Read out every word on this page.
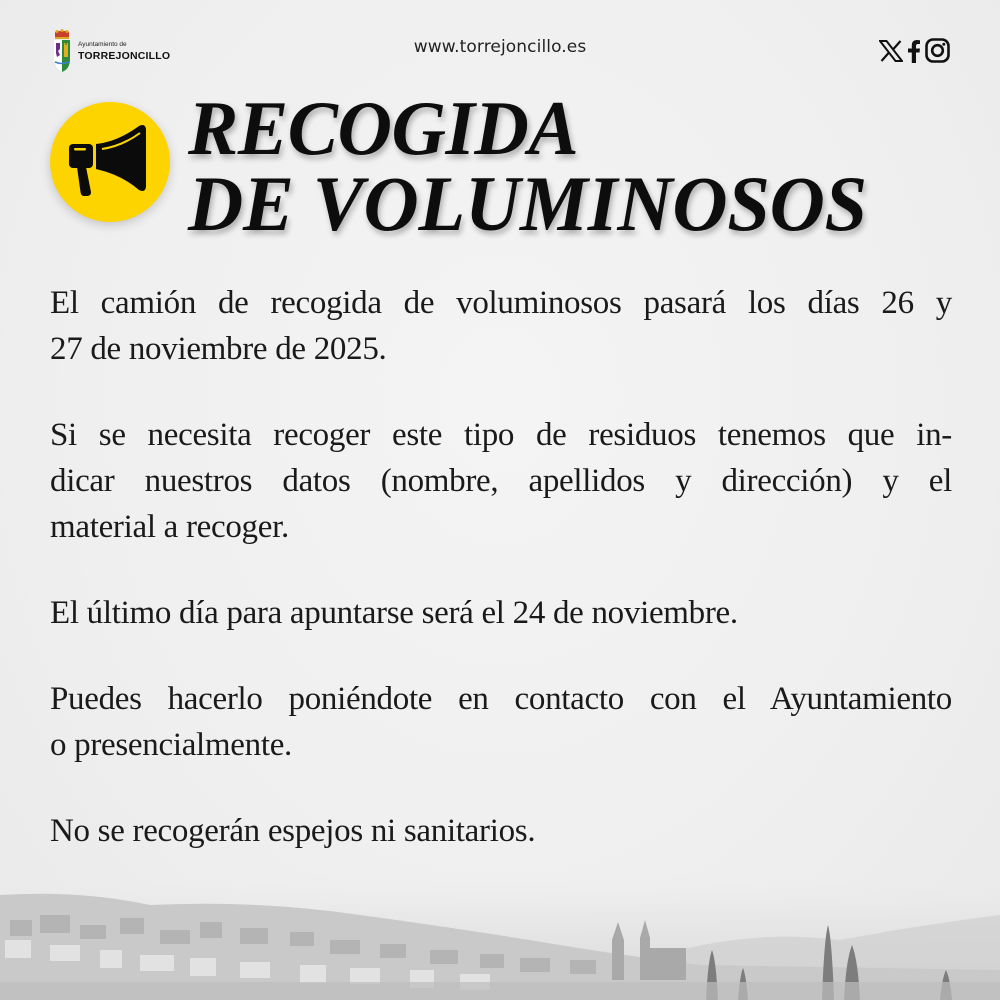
Ayuntamiento de
TORREJONCILLO	www.torrejoncillo.es
RECOGIDA
DE VOLUMINOSOS

El camión de recogida de voluminosos pasará los días 26 y
27 de noviembre de 2025.

Si se necesita recoger este tipo de residuos tenemos que in-
dicar nuestros datos (nombre, apellidos y dirección) y el
material a recoger.

El último día para apuntarse será el 24 de noviembre.

Puedes hacerlo poniéndote en contacto con el Ayuntamiento
o presencialmente.

No se recogerán espejos ni sanitarios.
